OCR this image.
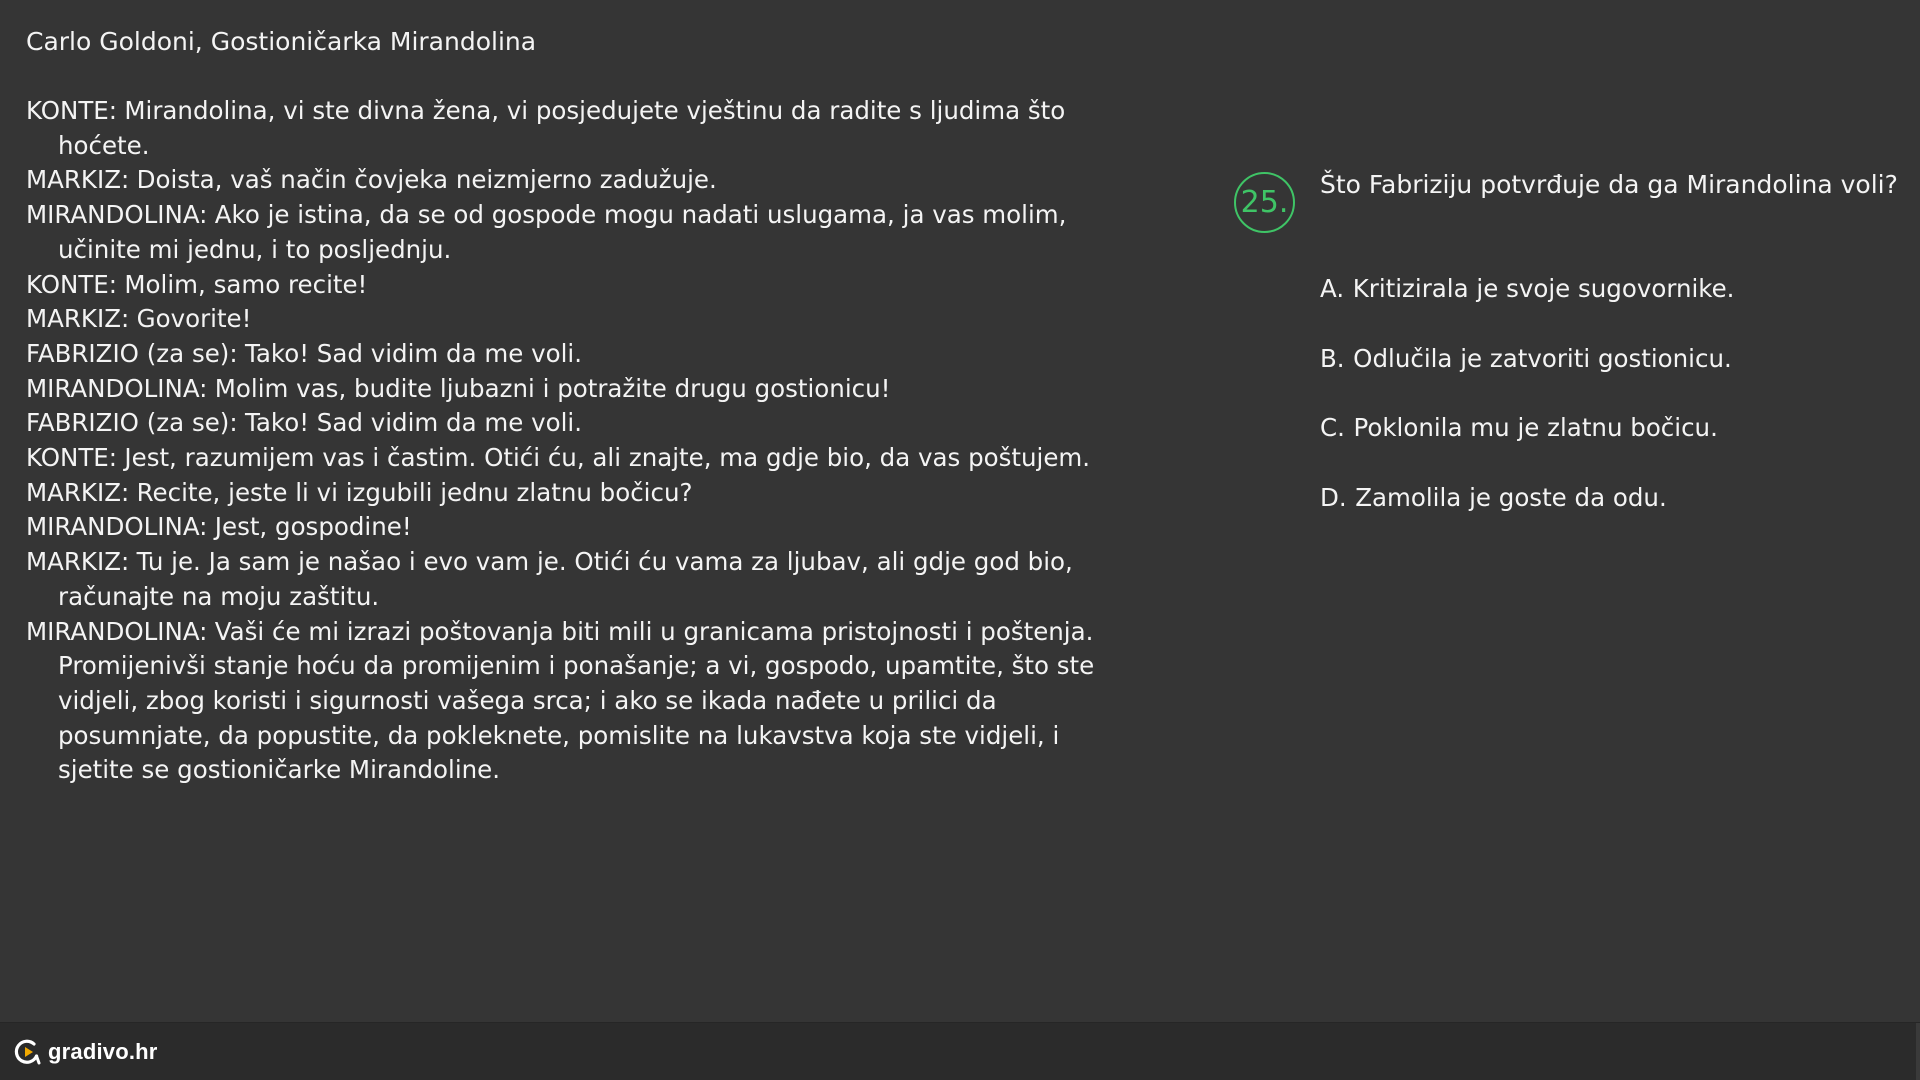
Carlo Goldoni, Gostioničarka Mirandolina
KONTE: Mirandolina, vi ste divna žena, vi posjedujete vještinu da radite s ljudima što hoćete.
MARKIZ: Doista, vaš način čovjeka neizmjerno zadužuje.
MIRANDOLINA: Ako je istina, da se od gospode mogu nadati uslugama, ja vas molim, učinite mi jednu, i to posljednju.
KONTE: Molim, samo recite!
MARKIZ: Govorite!
FABRIZIO (za se): Tako! Sad vidim da me voli.
MIRANDOLINA: Molim vas, budite ljubazni i potražite drugu gostionicu!
FABRIZIO (za se): Tako! Sad vidim da me voli.
KONTE: Jest, razumijem vas i častim. Otići ću, ali znajte, ma gdje bio, da vas poštujem.
MARKIZ: Recite, jeste li vi izgubili jednu zlatnu bočicu?
MIRANDOLINA: Jest, gospodine!
MARKIZ: Tu je. Ja sam je našao i evo vam je. Otići ću vama za ljubav, ali gdje god bio, računajte na moju zaštitu.
MIRANDOLINA: Vaši će mi izrazi poštovanja biti mili u granicama pristojnosti i poštenja. Promijenivši stanje hoću da promijenim i ponašanje; a vi, gospodo, upamtite, što ste vidjeli, zbog koristi i sigurnosti vašega srca; i ako se ikada nađete u prilici da posumnjate, da popustite, da pokleknete, pomislite na lukavstva koja ste vidjeli, i sjetite se gostioničarke Mirandoline.
25. Što Fabriziju potvrđuje da ga Mirandolina voli?
A. Kritizirala je svoje sugovornike.
B. Odlučila je zatvoriti gostionicu.
C. Poklonila mu je zlatnu bočicu.
D. Zamolila je goste da odu.
gradivo.hr
